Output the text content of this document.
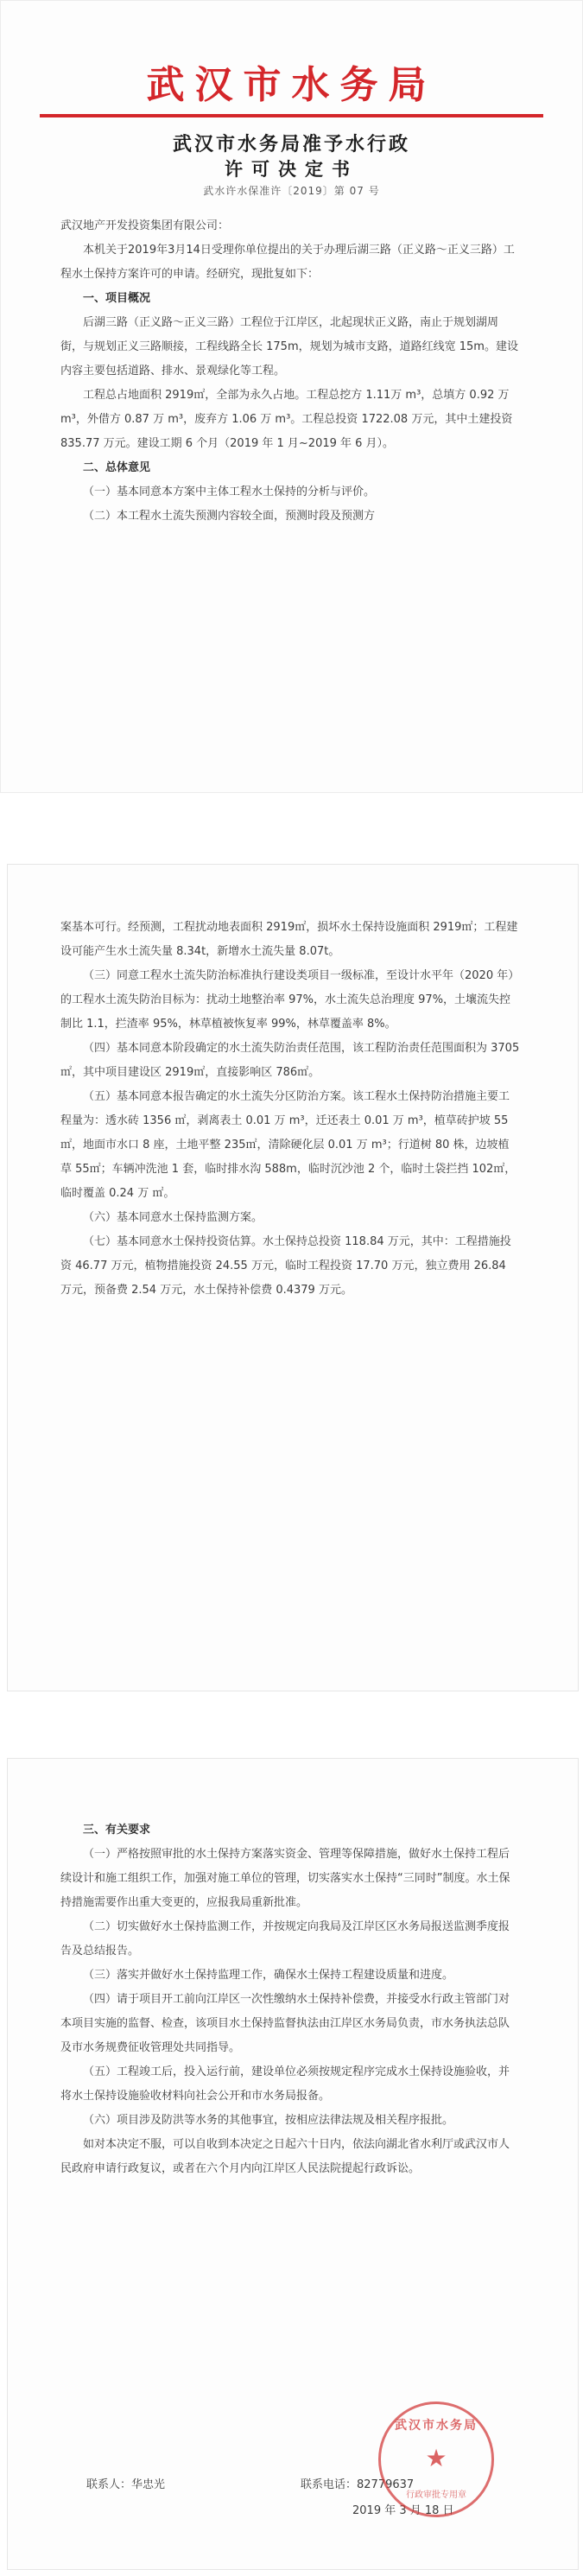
武汉市水务局
武汉市水务局准予水行政
许可决定书
武水许水保准许〔2019〕第 07 号

武汉地产开发投资集团有限公司：

本机关于2019年3月14日受理你单位提出的关于办理后湖三路（正义路～正义三路）工程水土保持方案许可的申请。经研究，现批复如下：

一、项目概况

后湖三路（正义路～正义三路）工程位于江岸区，北起现状正义路，南止于规划湖周街，与规划正义三路顺接，工程线路全长 175m，规划为城市支路，道路红线宽 15m。建设内容主要包括道路、排水、景观绿化等工程。

工程总占地面积 2919㎡，全部为永久占地。工程总挖方 1.11万 m³，总填方 0.92 万 m³，外借方 0.87 万 m³，废弃方 1.06 万 m³。工程总投资 1722.08 万元，其中土建投资 835.77 万元。建设工期 6 个月（2019 年 1 月~2019 年 6 月）。

二、总体意见

（一）基本同意本方案中主体工程水土保持的分析与评价。

（二）本工程水土流失预测内容较全面，预测时段及预测方

案基本可行。经预测，工程扰动地表面积 2919㎡，损坏水土保持设施面积 2919㎡；工程建设可能产生水土流失量 8.34t，新增水土流失量 8.07t。

（三）同意工程水土流失防治标准执行建设类项目一级标准，至设计水平年（2020 年）的工程水土流失防治目标为：扰动土地整治率 97%，水土流失总治理度 97%，土壤流失控制比 1.1，拦渣率 95%，林草植被恢复率 99%，林草覆盖率 8%。

（四）基本同意本阶段确定的水土流失防治责任范围，该工程防治责任范围面积为 3705㎡，其中项目建设区 2919㎡，直接影响区 786㎡。

（五）基本同意本报告确定的水土流失分区防治方案。该工程水土保持防治措施主要工程量为：透水砖 1356 ㎡，剥离表土 0.01 万 m³，迁还表土 0.01 万 m³，植草砖护坡 55㎡，地面市水口 8 座，土地平整 235㎡，清除硬化层 0.01 万 m³；行道树 80 株，边坡植草 55㎡；车辆冲洗池 1 套，临时排水沟 588m，临时沉沙池 2 个，临时土袋拦挡 102㎡，临时覆盖 0.24 万 ㎡。

（六）基本同意水土保持监测方案。

（七）基本同意水土保持投资估算。水土保持总投资 118.84 万元，其中：工程措施投资 46.77 万元，植物措施投资 24.55 万元，临时工程投资 17.70 万元，独立费用 26.84 万元，预备费 2.54 万元，水土保持补偿费 0.4379 万元。

三、有关要求

（一）严格按照审批的水土保持方案落实资金、管理等保障措施，做好水土保持工程后续设计和施工组织工作，加强对施工单位的管理，切实落实水土保持“三同时”制度。水土保持措施需要作出重大变更的，应报我局重新批准。

（二）切实做好水土保持监测工作，并按规定向我局及江岸区区水务局报送监测季度报告及总结报告。

（三）落实并做好水土保持监理工作，确保水土保持工程建设质量和进度。

（四）请于项目开工前向江岸区一次性缴纳水土保持补偿费，并接受水行政主管部门对本项目实施的监督、检查，该项目水土保持监督执法由江岸区水务局负责，市水务执法总队及市水务规费征收管理处共同指导。

（五）工程竣工后，投入运行前，建设单位必须按规定程序完成水土保持设施验收，并将水土保持设施验收材料向社会公开和市水务局报备。

（六）项目涉及防洪等水务的其他事宜，按相应法律法规及相关程序报批。

如对本决定不服，可以自收到本决定之日起六十日内，依法向湖北省水利厅或武汉市人民政府申请行政复议，或者在六个月内向江岸区人民法院提起行政诉讼。

联系人：华忠光	联系电话：82779637
2019 年 3 月 18 日
武汉市水务局
★
行政审批专用章
